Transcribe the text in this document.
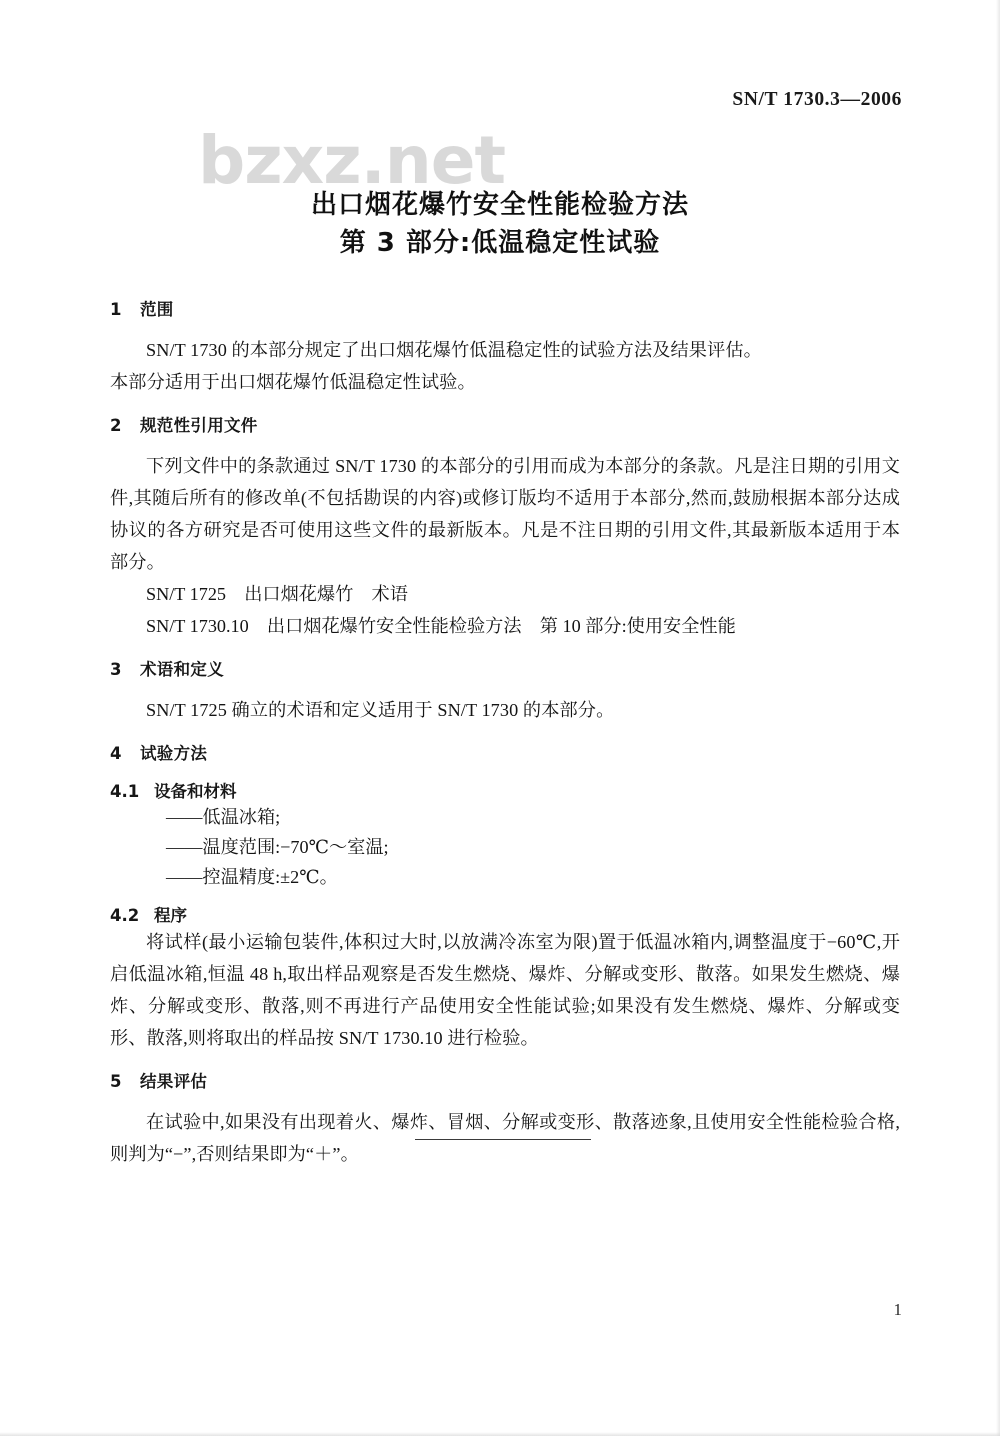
SN/T 1730.3—2006
bzxz.net
出口烟花爆竹安全性能检验方法
第 3 部分:低温稳定性试验
1 范围

SN/T 1730 的本部分规定了出口烟花爆竹低温稳定性的试验方法及结果评估。

本部分适用于出口烟花爆竹低温稳定性试验。

2 规范性引用文件

下列文件中的条款通过 SN/T 1730 的本部分的引用而成为本部分的条款。凡是注日期的引用文件,其随后所有的修改单(不包括勘误的内容)或修订版均不适用于本部分,然而,鼓励根据本部分达成协议的各方研究是否可使用这些文件的最新版本。凡是不注日期的引用文件,其最新版本适用于本部分。

SN/T 1725　出口烟花爆竹　术语

SN/T 1730.10　出口烟花爆竹安全性能检验方法　第 10 部分:使用安全性能

3 术语和定义

SN/T 1725 确立的术语和定义适用于 SN/T 1730 的本部分。

4 试验方法
4.1 设备和材料
——低温冰箱;
——温度范围:−70℃～室温;
——控温精度:±2℃。
4.2 程序

将试样(最小运输包装件,体积过大时,以放满冷冻室为限)置于低温冰箱内,调整温度于−60℃,开启低温冰箱,恒温 48 h,取出样品观察是否发生燃烧、爆炸、分解或变形、散落。如果发生燃烧、爆炸、分解或变形、散落,则不再进行产品使用安全性能试验;如果没有发生燃烧、爆炸、分解或变形、散落,则将取出的样品按 SN/T 1730.10 进行检验。

5 结果评估

在试验中,如果没有出现着火、爆炸、冒烟、分解或变形、散落迹象,且使用安全性能检验合格,则判为“−”,否则结果即为“＋”。

1
